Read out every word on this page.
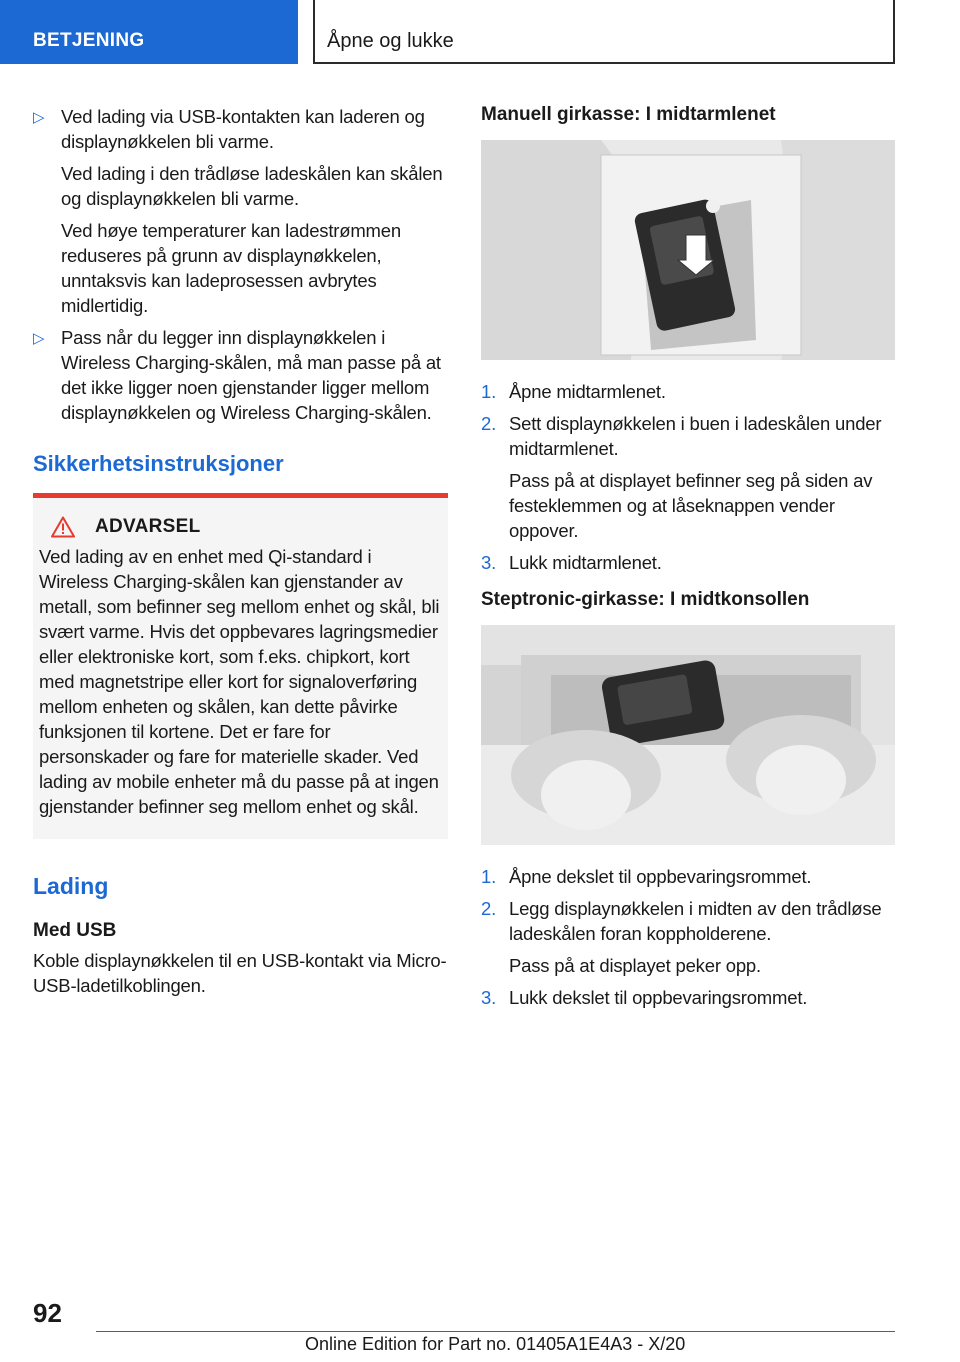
BETJENING	Åpne og lukke
▷ Ved lading via USB-kontakten kan laderen og displaynøkkelen bli varme.

Ved lading i den trådløse ladeskålen kan skålen og displaynøkkelen bli varme.

Ved høye temperaturer kan ladestrømmen reduseres på grunn av displaynøkkelen, unntaksvis kan ladeprosessen avbrytes midlertidig.

▷ Pass når du legger inn displaynøkkelen i Wireless Charging-skålen, må man passe på at det ikke ligger noen gjenstander ligger mellom displaynøkkelen og Wireless Charging-skålen.

Sikkerhetsinstruksjoner
ADVARSEL

Ved lading av en enhet med Qi-standard i Wireless Charging-skålen kan gjenstander av metall, som befinner seg mellom enhet og skål, bli svært varme. Hvis det oppbevares lagringsmedier eller elektroniske kort, som f.eks. chipkort, kort med magnetstripe eller kort for signaloverføring mellom enheten og skålen, kan dette påvirke funksjonen til kortene. Det er fare for personskader og fare for materielle skader. Ved lading av mobile enheter må du passe på at ingen gjenstander befinner seg mellom enhet og skål.

Lading
Med USB

Koble displaynøkkelen til en USB-kontakt via Micro-USB-ladetilkoblingen.

Manuell girkasse: I midtarmlenet
1. Åpne midtarmlenet.

2. Sett displaynøkkelen i buen i ladeskålen under midtarmlenet.

Pass på at displayet befinner seg på siden av festeklemmen og at låseknappen vender oppover.

3. Lukk midtarmlenet.

Steptronic-girkasse: I midtkonsollen
1. Åpne dekslet til oppbevaringsrommet.

2. Legg displaynøkkelen i midten av den trådløse ladeskålen foran koppholderene.

Pass på at displayet peker opp.

3. Lukk dekslet til oppbevaringsrommet.

92
Online Edition for Part no. 01405A1E4A3 - X/20
